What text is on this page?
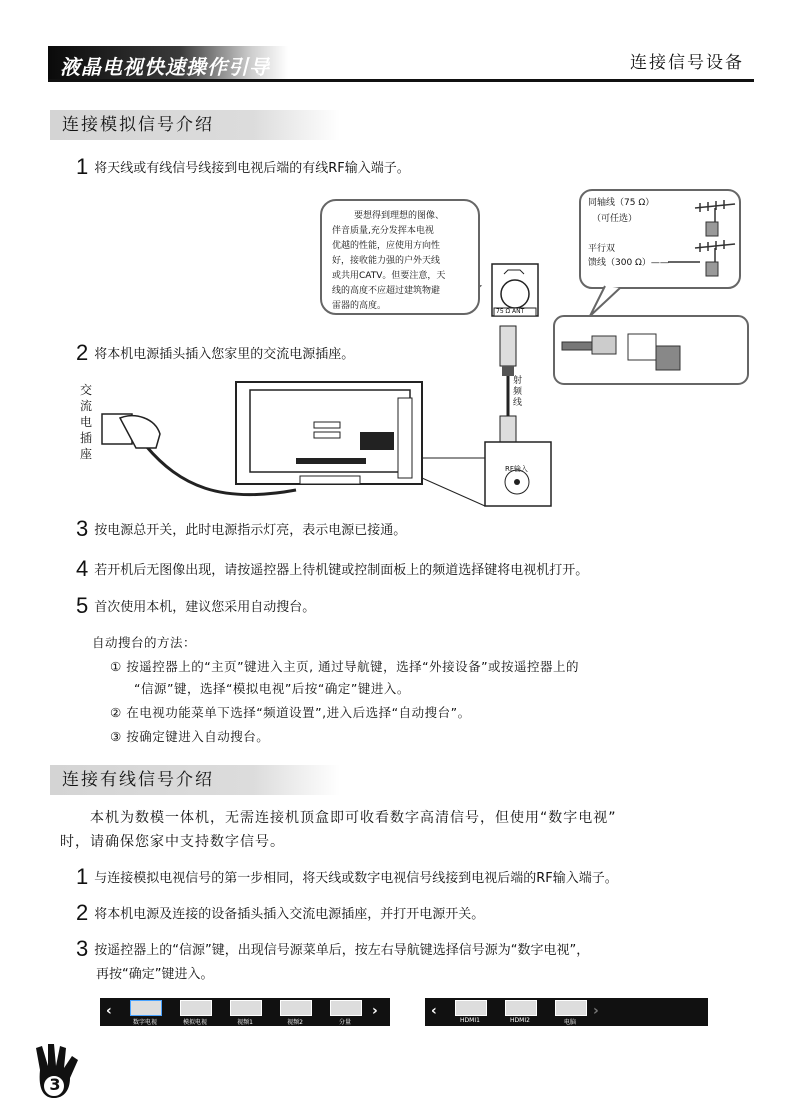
液晶电视快速操作引导	连接信号设备
连接模拟信号介绍
1 将天线或有线信号线接到电视后端的有线RF输入端子。
要想得到理想的图像、
伴音质量,充分发挥本电视
优越的性能，应使用方向性
好，接收能力强的户外天线
或共用CATV。但要注意，天
线的高度不应超过建筑物避
雷器的高度。
同轴线（75 Ω）
（可任选）
平行双
馈线（300 Ω）——
75 Ω ANT
射频线
RF输入
交流电插座
2 将本机电源插头插入您家里的交流电源插座。
3 按电源总开关，此时电源指示灯亮，表示电源已接通。
4 若开机后无图像出现，请按遥控器上待机键或控制面板上的频道选择键将电视机打开。
5 首次使用本机，建议您采用自动搜台。
自动搜台的方法：
① 按遥控器上的“主页”键进入主页, 通过导航键，选择“外接设备”或按遥控器上的
“信源”键，选择“模拟电视”后按“确定”键进入。
② 在电视功能菜单下选择“频道设置”,进入后选择“自动搜台”。
③ 按确定键进入自动搜台。
连接有线信号介绍
本机为数模一体机，无需连接机顶盒即可收看数字高清信号，但使用“数字电视”
时，请确保您家中支持数字信号。
1 与连接模拟电视信号的第一步相同，将天线或数字电视信号线接到电视后端的RF输入端子。
2 将本机电源及连接的设备插头插入交流电源插座，并打开电源开关。
3 按遥控器上的“信源”键，出现信号源菜单后，按左右导航键选择信号源为“数字电视”，
再按“确定”键进入。
‹
数字电视	模拟电视	视频1	视频2	分量
›	‹
HDMI1	HDMI2	电脑
›
3
